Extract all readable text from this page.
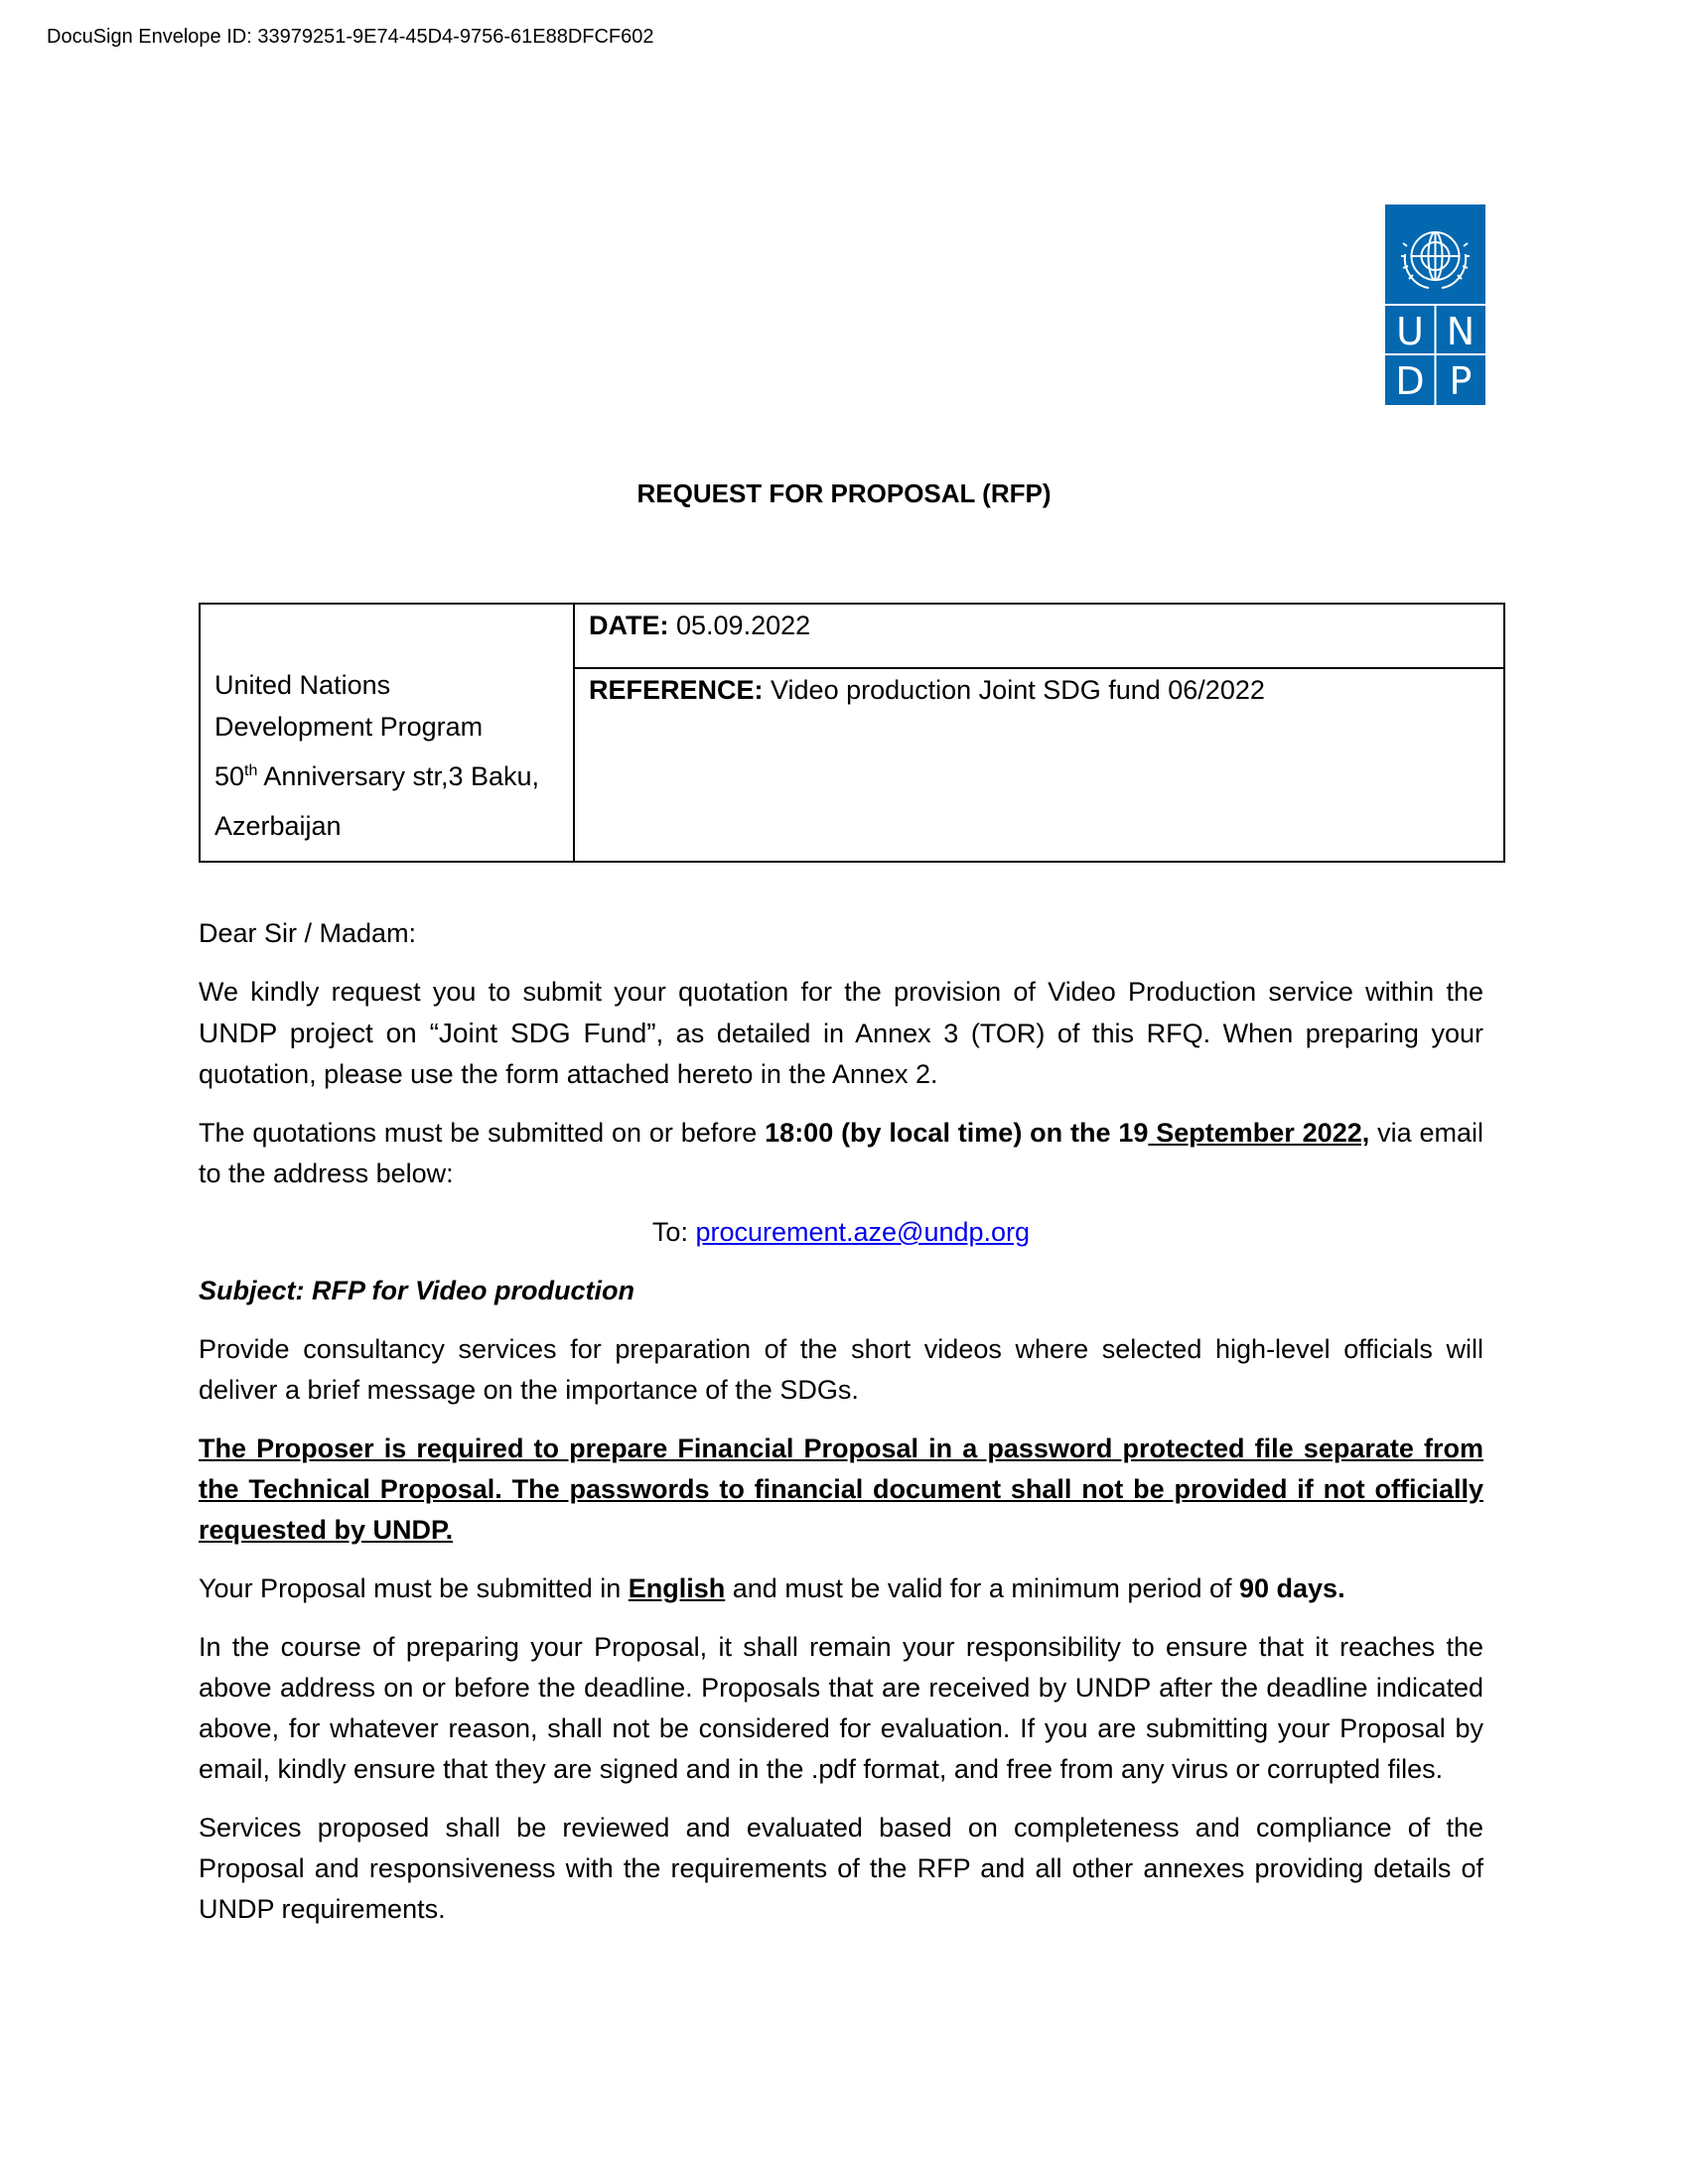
DocuSign Envelope ID: 33979251-9E74-45D4-9756-61E88DFCF602
U N
D P
REQUEST FOR PROPOSAL (RFP)
United Nations
Development Program
50th Anniversary str,3 Baku,
Azerbaijan
	DATE: 05.09.2022
REFERENCE: Video production Joint SDG fund 06/2022

Dear Sir / Madam:

We kindly request you to submit your quotation for the provision of Video Production service within the UNDP project on “Joint SDG Fund”, as detailed in Annex 3 (TOR) of this RFQ. When preparing your quotation, please use the form attached hereto in the Annex 2.

The quotations must be submitted on or before 18:00 (by local time) on the 19 September 2022, via email to the address below:

To: procurement.aze@undp.org

Subject: RFP for Video production

Provide consultancy services for preparation of the short videos where selected high-level officials will deliver a brief message on the importance of the SDGs.

The Proposer is required to prepare Financial Proposal in a password protected file separate from the Technical Proposal. The passwords to financial document shall not be provided if not officially requested by UNDP.

Your Proposal must be submitted in English and must be valid for a minimum period of 90 days.

In the course of preparing your Proposal, it shall remain your responsibility to ensure that it reaches the above address on or before the deadline. Proposals that are received by UNDP after the deadline indicated above, for whatever reason, shall not be considered for evaluation. If you are submitting your Proposal by email, kindly ensure that they are signed and in the .pdf format, and free from any virus or corrupted files.

Services proposed shall be reviewed and evaluated based on completeness and compliance of the Proposal and responsiveness with the requirements of the RFP and all other annexes providing details of UNDP requirements.
